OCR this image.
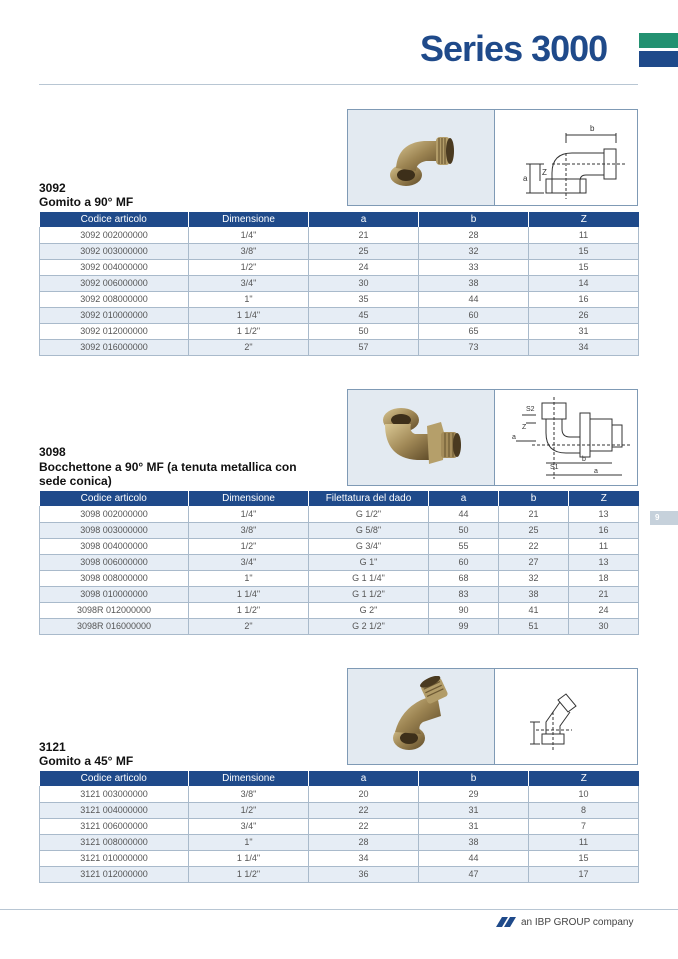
Series 3000
b
a
Z
3092
Gomito a 90° MF
Codice articolo	Dimensione	a	b	Z
3092 002000000	1/4"	21	28	11
3092 003000000	3/8"	25	32	15
3092 004000000	1/2"	24	33	15
3092 006000000	3/4"	30	38	14
3092 008000000	1"	35	44	16
3092 010000000	1 1/4"	45	60	26
3092 012000000	1 1/2"	50	65	31
3092 016000000	2"	57	73	34
S2
Z
a
S1
b
a
3098
Bocchettone a 90° MF (a tenuta metallica con sede conica)
Codice articolo	Dimensione	Filettatura del dado	a	b	Z
3098 002000000	1/4"	G 1/2"	44	21	13
3098 003000000	3/8"	G 5/8"	50	25	16
3098 004000000	1/2"	G 3/4"	55	22	11
3098 006000000	3/4"	G 1"	60	27	13
3098 008000000	1"	G 1 1/4"	68	32	18
3098 010000000	1 1/4"	G 1 1/2"	83	38	21
3098R 012000000	1 1/2"	G 2"	90	41	24
3098R 016000000	2"	G 2 1/2"	99	51	30
9
3121
Gomito a 45° MF
Codice articolo	Dimensione	a	b	Z
3121 003000000	3/8"	20	29	10
3121 004000000	1/2"	22	31	8
3121 006000000	3/4"	22	31	7
3121 008000000	1"	28	38	11
3121 010000000	1 1/4"	34	44	15
3121 012000000	1 1/2"	36	47	17
an IBP GROUP company
